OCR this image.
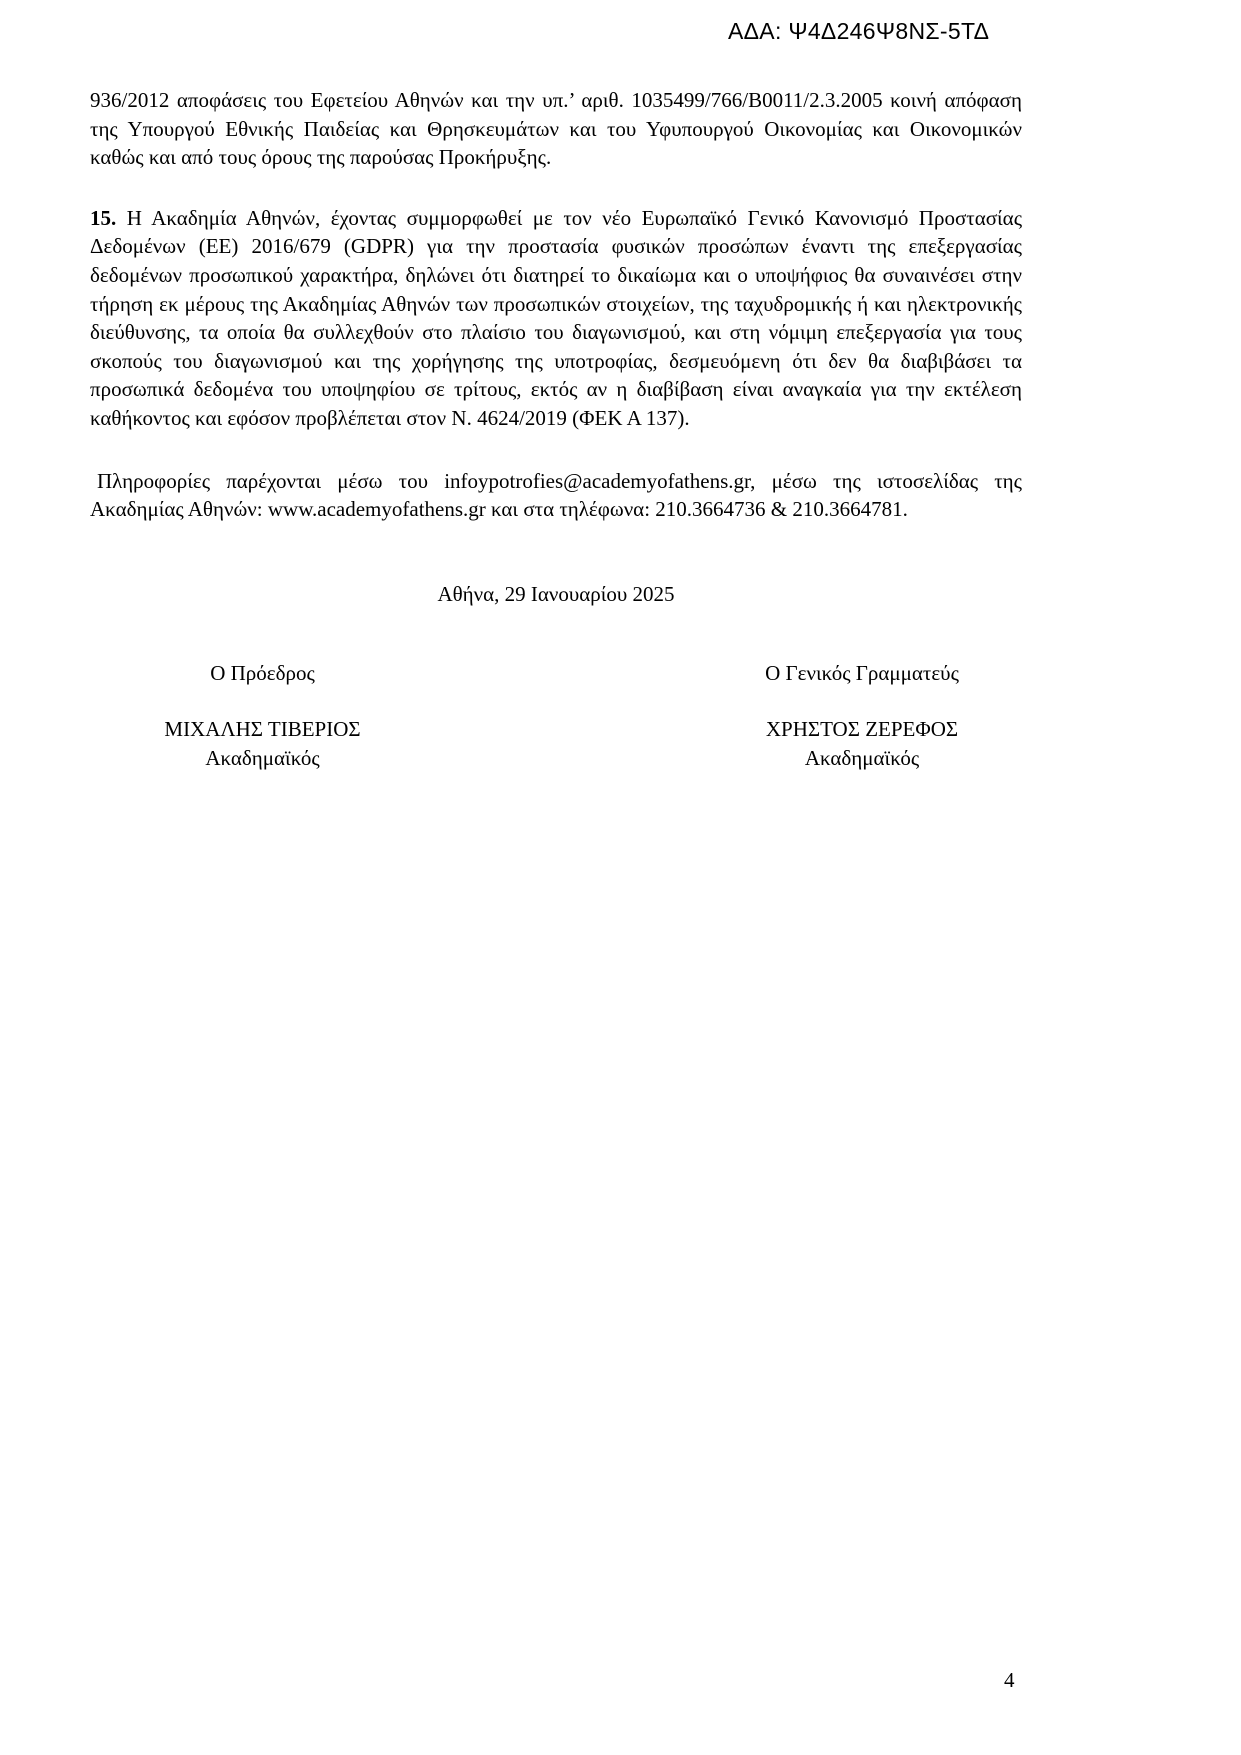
ΑΔΑ: Ψ4Δ246Ψ8ΝΣ-5ΤΔ

936/2012 αποφάσεις του Εφετείου Αθηνών και την υπ.’ αριθ. 1035499/766/Β0011/2.3.2005 κοινή απόφαση της Υπουργού Εθνικής Παιδείας και Θρησκευμάτων και του Υφυπουργού Οικονομίας και Οικονομικών καθώς και από τους όρους της παρούσας Προκήρυξης.

15. Η Ακαδημία Αθηνών, έχοντας συμμορφωθεί με τον νέο Ευρωπαϊκό Γενικό Κανονισμό Προστασίας Δεδομένων (ΕΕ) 2016/679 (GDPR) για την προστασία φυσικών προσώπων έναντι της επεξεργασίας δεδομένων προσωπικού χαρακτήρα, δηλώνει ότι διατηρεί το δικαίωμα και ο υποψήφιος θα συναινέσει στην τήρηση εκ μέρους της Ακαδημίας Αθηνών των προσωπικών στοιχείων, της ταχυδρομικής ή και ηλεκτρονικής διεύθυνσης, τα οποία θα συλλεχθούν στο πλαίσιο του διαγωνισμού, και στη νόμιμη επεξεργασία για τους σκοπούς του διαγωνισμού και της χορήγησης της υποτροφίας, δεσμευόμενη ότι δεν θα διαβιβάσει τα προσωπικά δεδομένα του υποψηφίου σε τρίτους, εκτός αν η διαβίβαση είναι αναγκαία για την εκτέλεση καθήκοντος και εφόσον προβλέπεται στον Ν. 4624/2019 (ΦΕΚ Α 137).

Πληροφορίες παρέχονται μέσω του infoypotrofies@academyofathens.gr, μέσω της ιστοσελίδας της Ακαδημίας Αθηνών: www.academyofathens.gr και στα τηλέφωνα: 210.3664736 & 210.3664781.

Αθήνα, 29 Ιανουαρίου 2025
Ο Πρόεδρος
ΜΙΧΑΛΗΣ ΤΙΒΕΡΙΟΣ
Ακαδημαϊκός
Ο Γενικός Γραμματεύς
ΧΡΗΣΤΟΣ ΖΕΡΕΦΟΣ
Ακαδημαϊκός
4
